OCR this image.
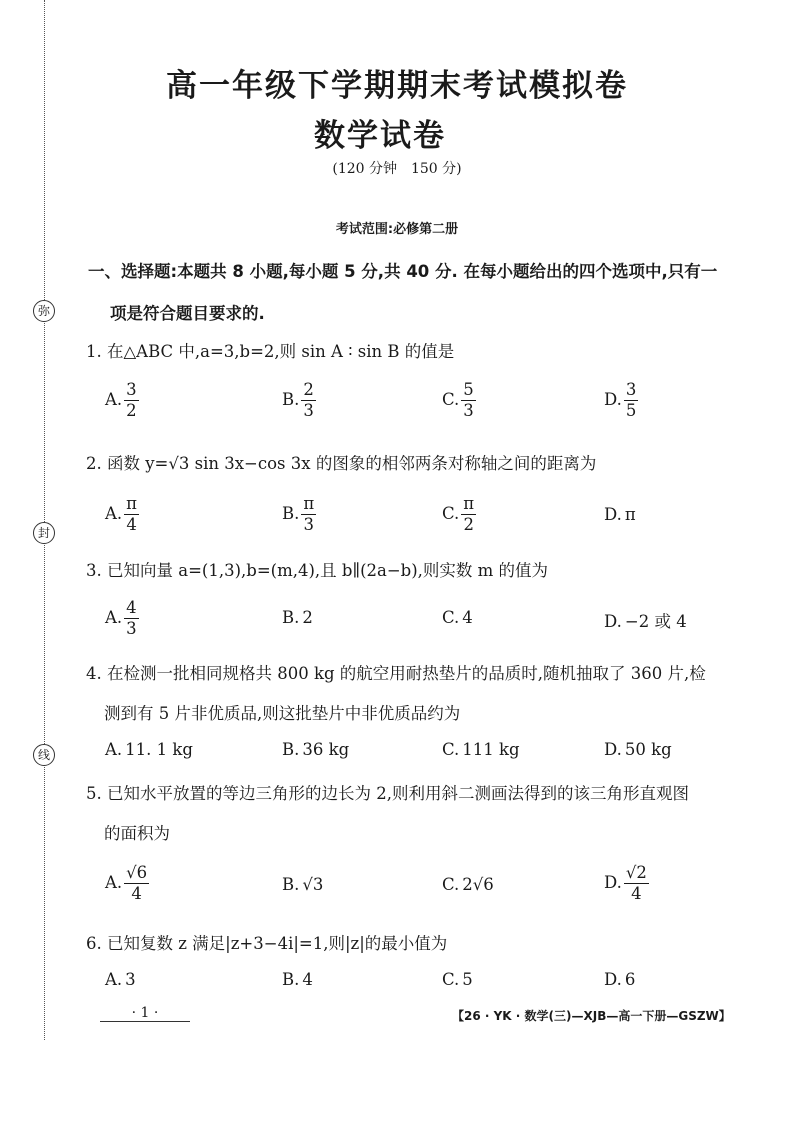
弥
封
线
高一年级下学期期末考试模拟卷
数学试卷
(120 分钟　150 分)
考试范围:必修第二册
一、选择题:本题共 8 小题,每小题 5 分,共 40 分. 在每小题给出的四个选项中,只有一
项是符合题目要求的.
1. 在△ABC 中,a=3,b=2,则 sin A ∶ sin B 的值是
A. $\frac{3}{2}$	B. $\frac{2}{3}$	C. $\frac{5}{3}$	D. $\frac{3}{5}$
2. 函数 y=√3 sin 3x−cos 3x 的图象的相邻两条对称轴之间的距离为
A. $\frac{\pi}{4}$	B. $\frac{\pi}{3}$	C. $\frac{\pi}{2}$	D. π
3. 已知向量 a=(1,3),b=(m,4),且 b∥(2a−b),则实数 m 的值为
A. $\frac{4}{3}$	B. 2	C. 4	D. −2 或 4
4. 在检测一批相同规格共 800 kg 的航空用耐热垫片的品质时,随机抽取了 360 片,检
测到有 5 片非优质品,则这批垫片中非优质品约为
A. 11. 1 kg	B. 36 kg	C. 111 kg	D. 50 kg
5. 已知水平放置的等边三角形的边长为 2,则利用斜二测画法得到的该三角形直观图
的面积为
A. $\frac{√6}{4}$	B. √3	C. 2√6	D. $\frac{√2}{4}$
6. 已知复数 z 满足|z+3−4i|=1,则|z|的最小值为
A. 3	B. 4	C. 5	D. 6
· 1 ·	【26 · YK · 数学(三)—XJB—高一下册—GSZW】
